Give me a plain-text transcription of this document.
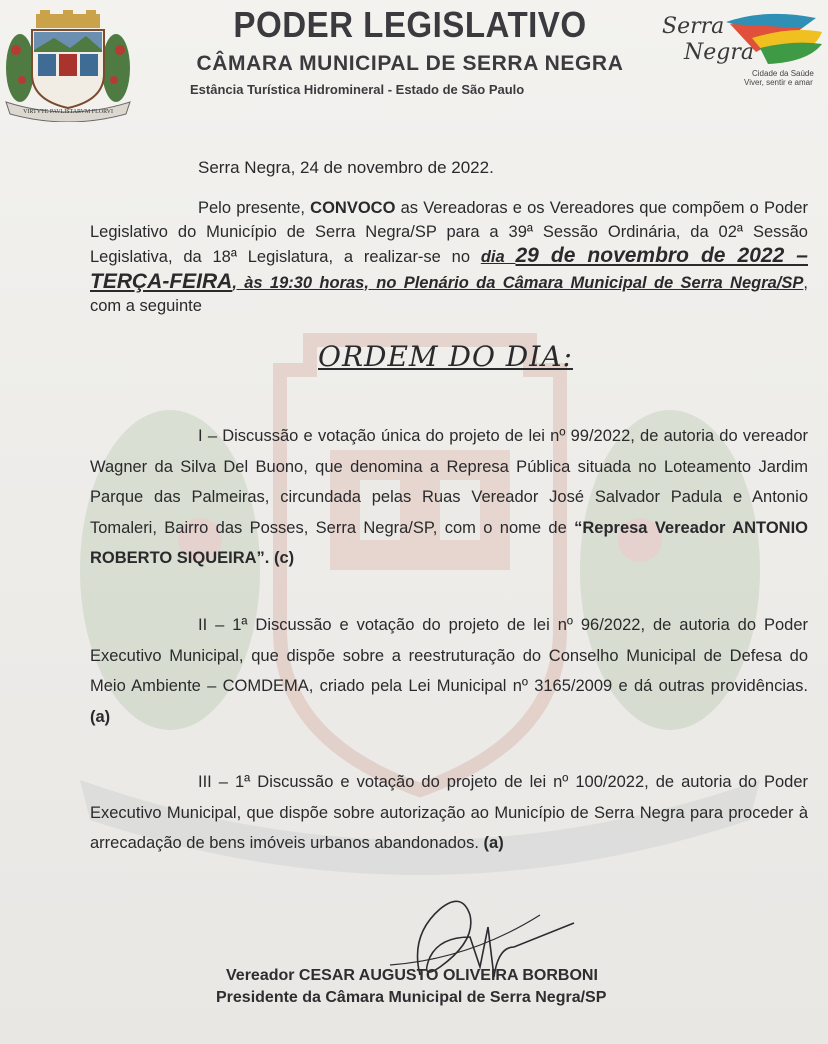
VIRTVTE PAVLISTARVM FLORVI
PODER LEGISLATIVO
CÂMARA MUNICIPAL DE SERRA NEGRA
Estância Turística Hidromineral - Estado de São Paulo
Serra
Negra
Cidade da Saúde
Viver, sentir e amar
Serra Negra, 24 de novembro de 2022.
Pelo presente, CONVOCO as Vereadoras e os Vereadores que compõem o Poder Legislativo do Município de Serra Negra/SP para a 39ª Sessão Ordinária, da 02ª Sessão Legislativa, da 18ª Legislatura, a realizar-se no dia 29 de novembro de 2022 – TERÇA-FEIRA, às 19:30 horas, no Plenário da Câmara Municipal de Serra Negra/SP, com a seguinte
ORDEM DO DIA:
I – Discussão e votação única do projeto de lei nº 99/2022, de autoria do vereador Wagner da Silva Del Buono, que denomina a Represa Pública situada no Loteamento Jardim Parque das Palmeiras, circundada pelas Ruas Vereador José Salvador Padula e Antonio Tomaleri, Bairro das Posses, Serra Negra/SP, com o nome de “Represa Vereador ANTONIO ROBERTO SIQUEIRA”. (c)
II – 1ª Discussão e votação do projeto de lei nº 96/2022, de autoria do Poder Executivo Municipal, que dispõe sobre a reestruturação do Conselho Municipal de Defesa do Meio Ambiente – COMDEMA, criado pela Lei Municipal nº 3165/2009 e dá outras providências. (a)
III – 1ª Discussão e votação do projeto de lei nº 100/2022, de autoria do Poder Executivo Municipal, que dispõe sobre autorização ao Município de Serra Negra para proceder à arrecadação de bens imóveis urbanos abandonados. (a)
Vereador CESAR AUGUSTO OLIVEIRA BORBONI
Presidente da Câmara Municipal de Serra Negra/SP
